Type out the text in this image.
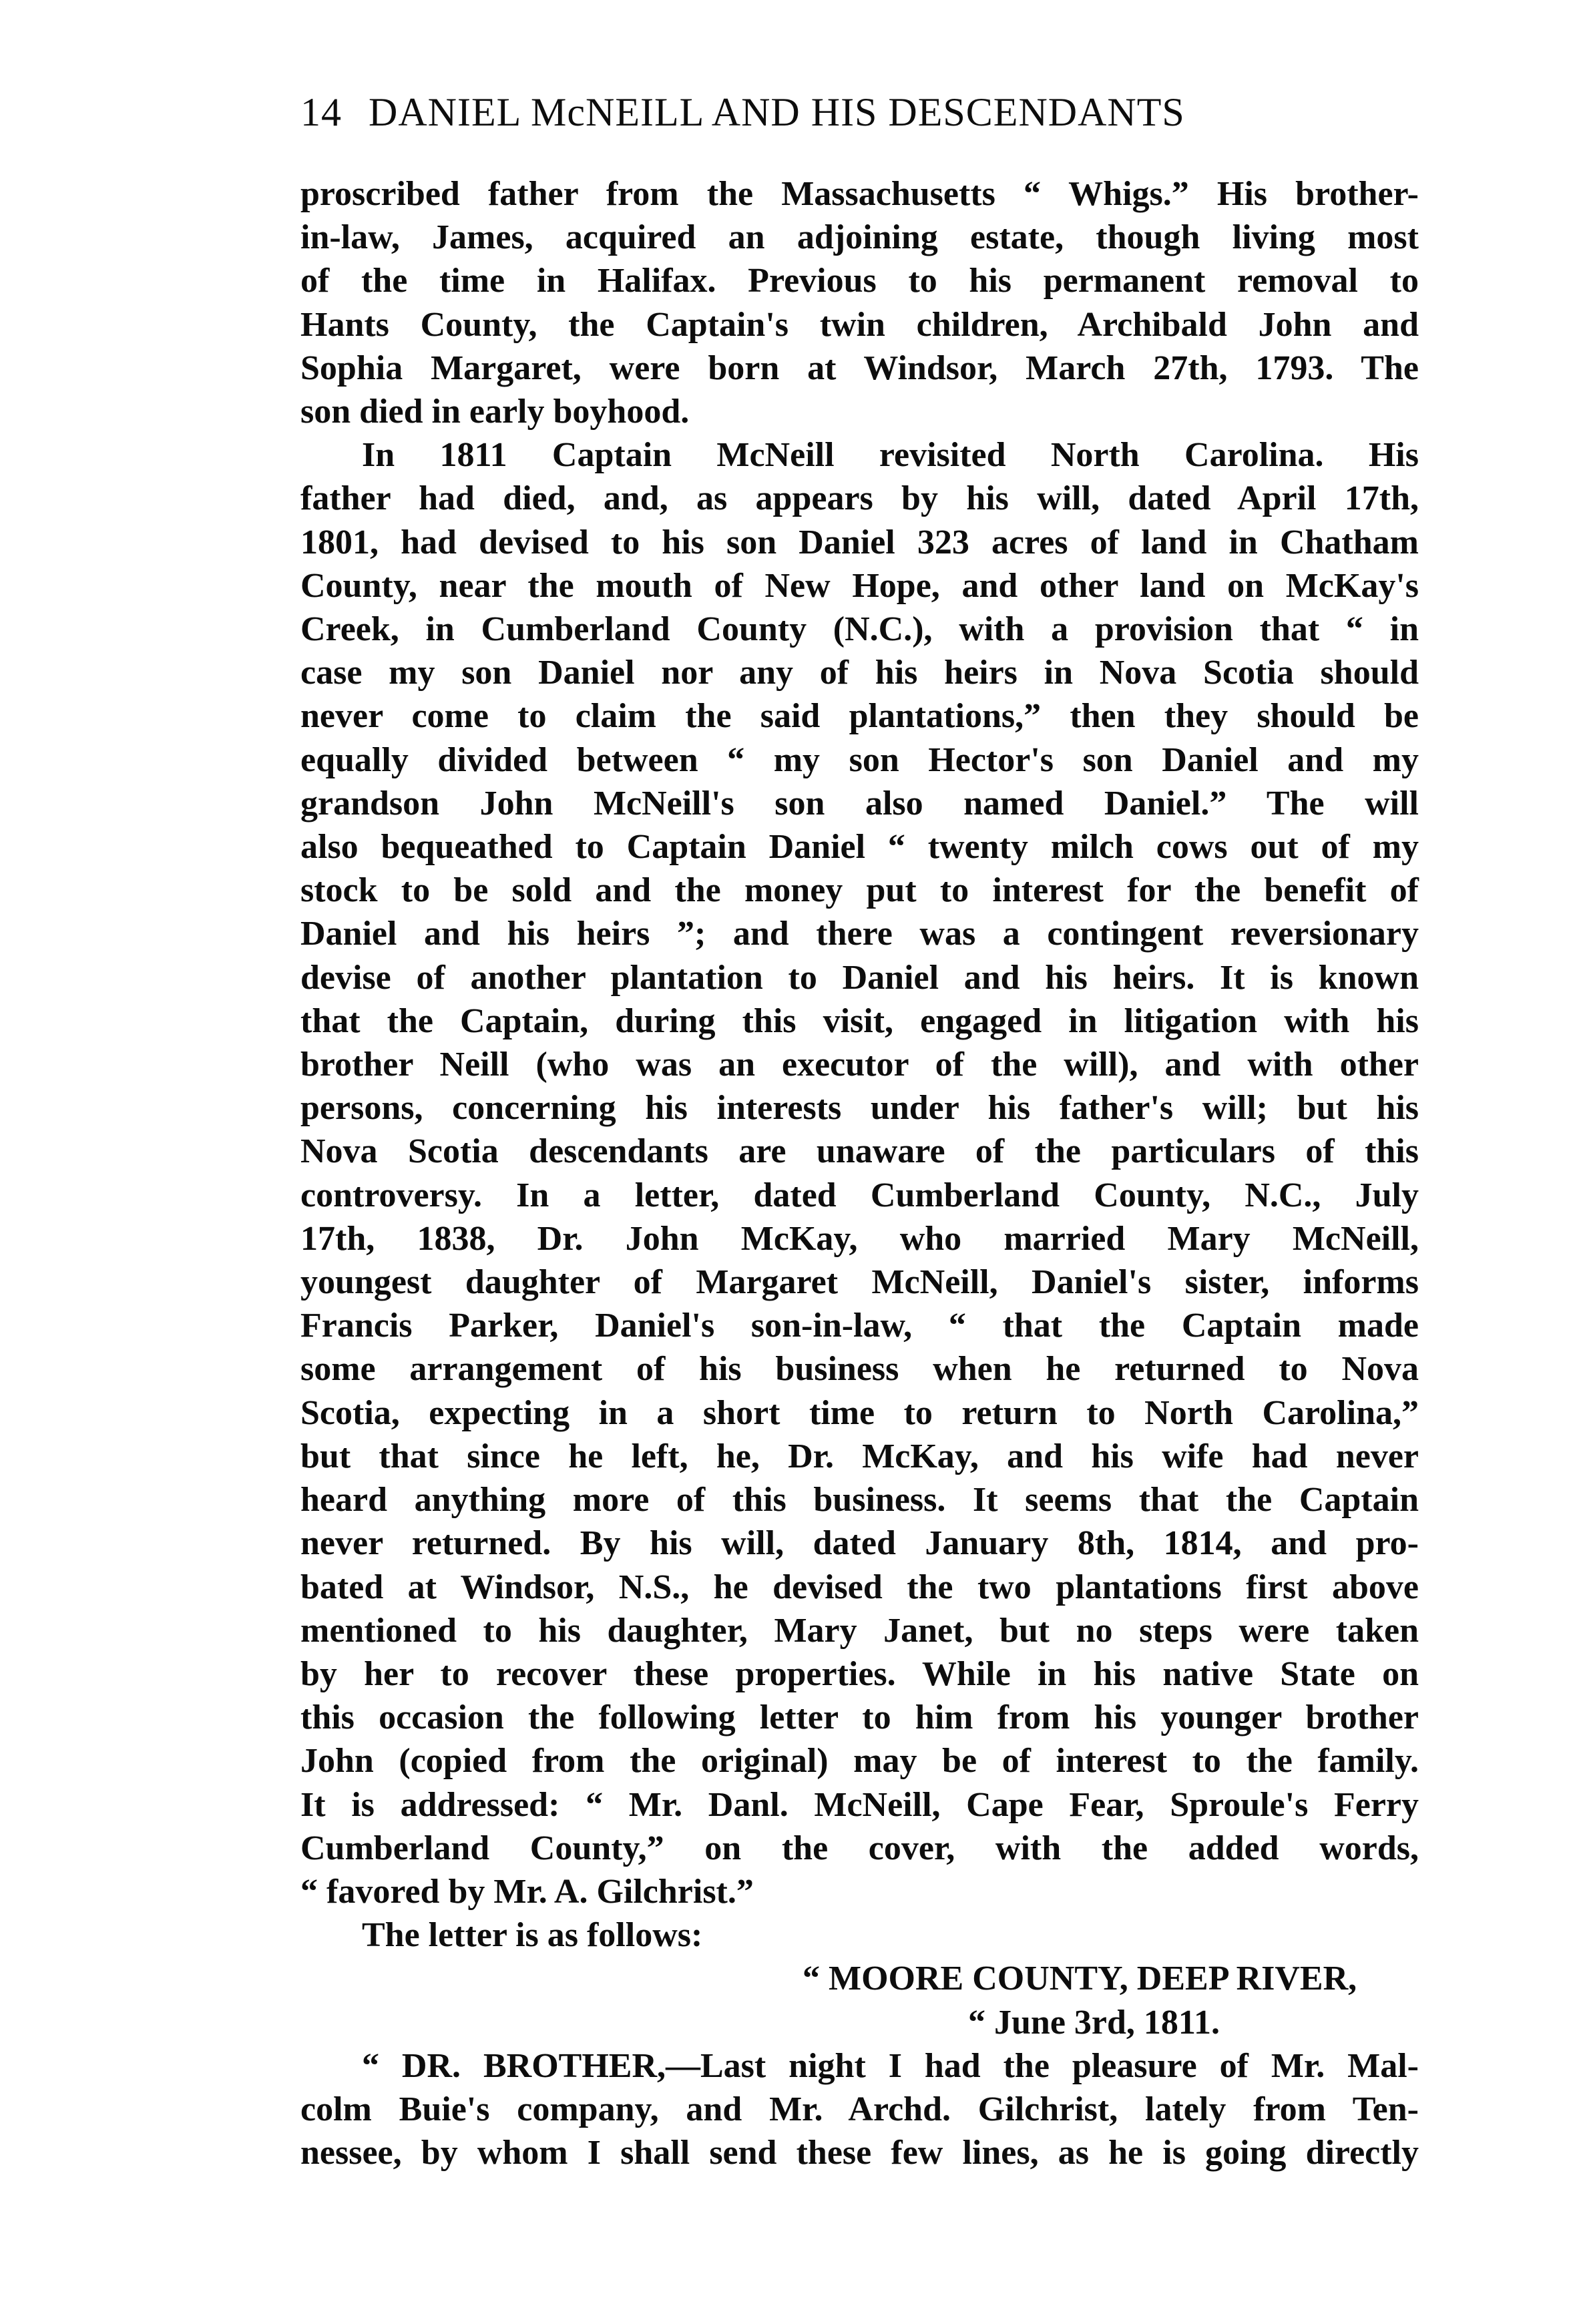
14 DANIEL McNEILL AND HIS DESCENDANTS
proscribed father from the Massachusetts “ Whigs.” His brother-
in-law, James, acquired an adjoining estate, though living most
of the time in Halifax. Previous to his permanent removal to
Hants County, the Captain's twin children, Archibald John and
Sophia Margaret, were born at Windsor, March 27th, 1793. The
son died in early boyhood.
In 1811 Captain McNeill revisited North Carolina. His
father had died, and, as appears by his will, dated April 17th,
1801, had devised to his son Daniel 323 acres of land in Chatham
County, near the mouth of New Hope, and other land on McKay's
Creek, in Cumberland County (N.C.), with a provision that “ in
case my son Daniel nor any of his heirs in Nova Scotia should
never come to claim the said plantations,” then they should be
equally divided between “ my son Hector's son Daniel and my
grandson John McNeill's son also named Daniel.” The will
also bequeathed to Captain Daniel “ twenty milch cows out of my
stock to be sold and the money put to interest for the benefit of
Daniel and his heirs ”; and there was a contingent reversionary
devise of another plantation to Daniel and his heirs. It is known
that the Captain, during this visit, engaged in litigation with his
brother Neill (who was an executor of the will), and with other
persons, concerning his interests under his father's will; but his
Nova Scotia descendants are unaware of the particulars of this
controversy. In a letter, dated Cumberland County, N.C., July
17th, 1838, Dr. John McKay, who married Mary McNeill,
youngest daughter of Margaret McNeill, Daniel's sister, informs
Francis Parker, Daniel's son-in-law, “ that the Captain made
some arrangement of his business when he returned to Nova
Scotia, expecting in a short time to return to North Carolina,”
but that since he left, he, Dr. McKay, and his wife had never
heard anything more of this business. It seems that the Captain
never returned. By his will, dated January 8th, 1814, and pro-
bated at Windsor, N.S., he devised the two plantations first above
mentioned to his daughter, Mary Janet, but no steps were taken
by her to recover these properties. While in his native State on
this occasion the following letter to him from his younger brother
John (copied from the original) may be of interest to the family.
It is addressed: “ Mr. Danl. McNeill, Cape Fear, Sproule's Ferry
Cumberland County,” on the cover, with the added words,
“ favored by Mr. A. Gilchrist.”
The letter is as follows:
“ MOORE COUNTY, DEEP RIVER,
“ June 3rd, 1811.
“ DR. BROTHER,—Last night I had the pleasure of Mr. Mal-
colm Buie's company, and Mr. Archd. Gilchrist, lately from Ten-
nessee, by whom I shall send these few lines, as he is going directly
